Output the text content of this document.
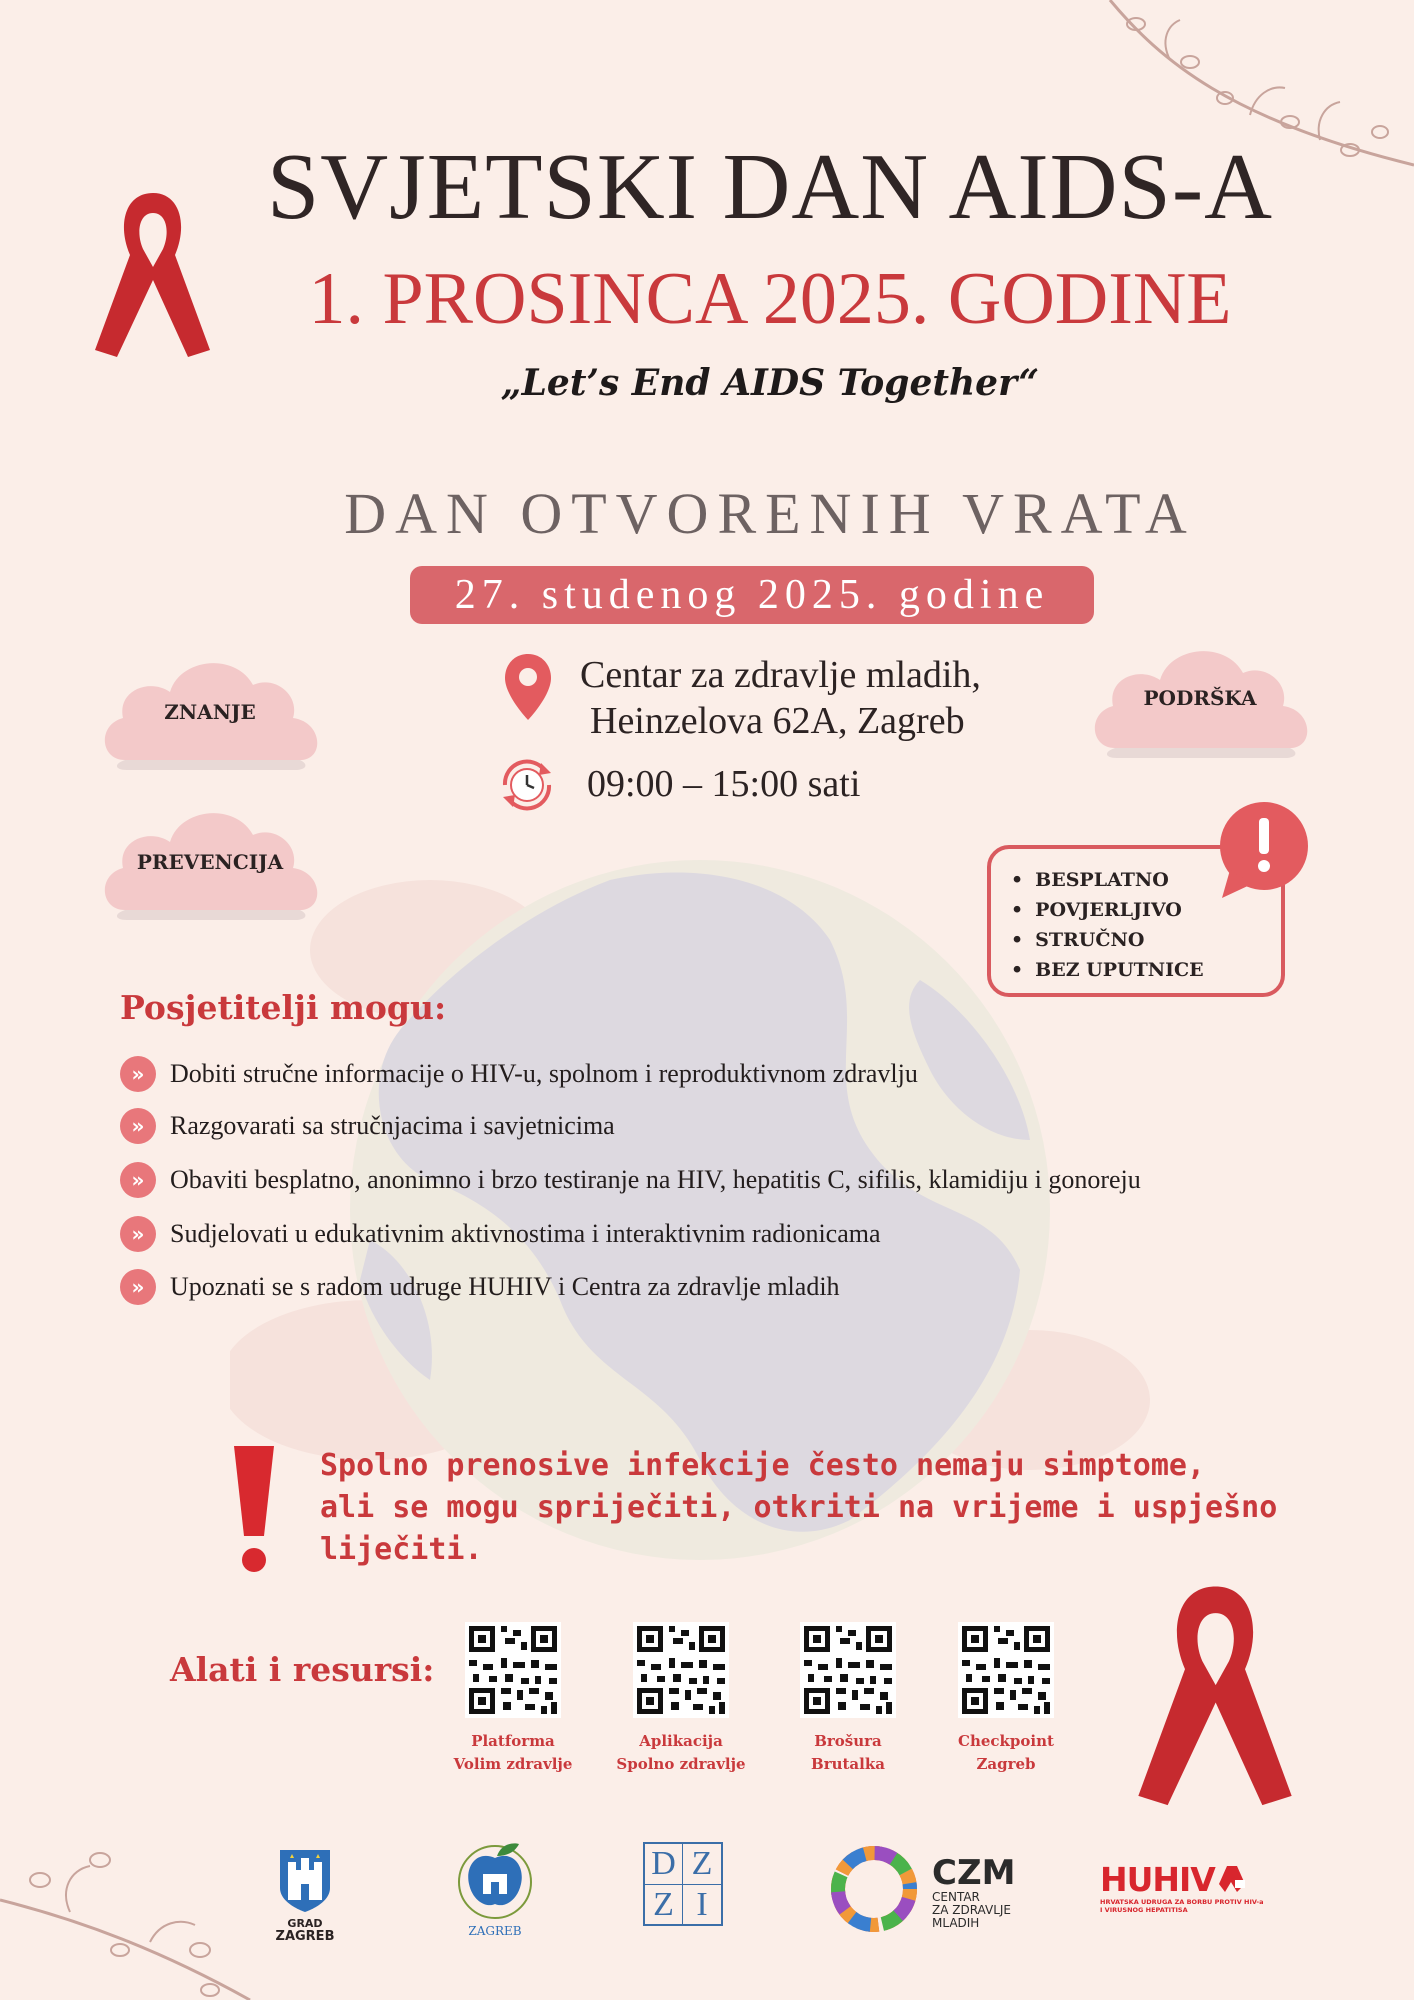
SVJETSKI DAN AIDS-A
1. PROSINCA 2025. GODINE
„Let’s End AIDS Together“
DAN OTVORENIH VRATA
27. studenog 2025. godine
Centar za zdravlje mladih,
Heinzelova 62A, Zagreb
09:00 – 15:00 sati
ZNANJE
PREVENCIJA
PODRŠKA
• BESPLATNO
• POVJERLJIVO
• STRUČNO
• BEZ UPUTNICE
Posjetitelji mogu:
» Dobiti stručne informacije o HIV-u, spolnom i reproduktivnom zdravlju
» Razgovarati sa stručnjacima i savjetnicima
» Obaviti besplatno, anonimno i brzo testiranje na HIV, hepatitis C, sifilis, klamidiju i gonoreju
» Sudjelovati u edukativnim aktivnostima i interaktivnim radionicama
» Upoznati se s radom udruge HUHIV i Centra za zdravlje mladih
Spolno prenosive infekcije često nemaju simptome,
ali se mogu spriječiti, otkriti na vrijeme i uspješno
liječiti.
Alati i resursi:
Platforma
Volim zdravlje
Aplikacija
Spolno zdravlje
Brošura
Brutalka
Checkpoint
Zagreb
GRAD
ZAGREB	ZAGREB
D Z
Z I
CZM
CENTAR
ZA ZDRAVLJE
MLADIH
HUHIV
HRVATSKA UDRUGA ZA BORBU PROTIV HIV-a
I VIRUSNOG HEPATITISA
